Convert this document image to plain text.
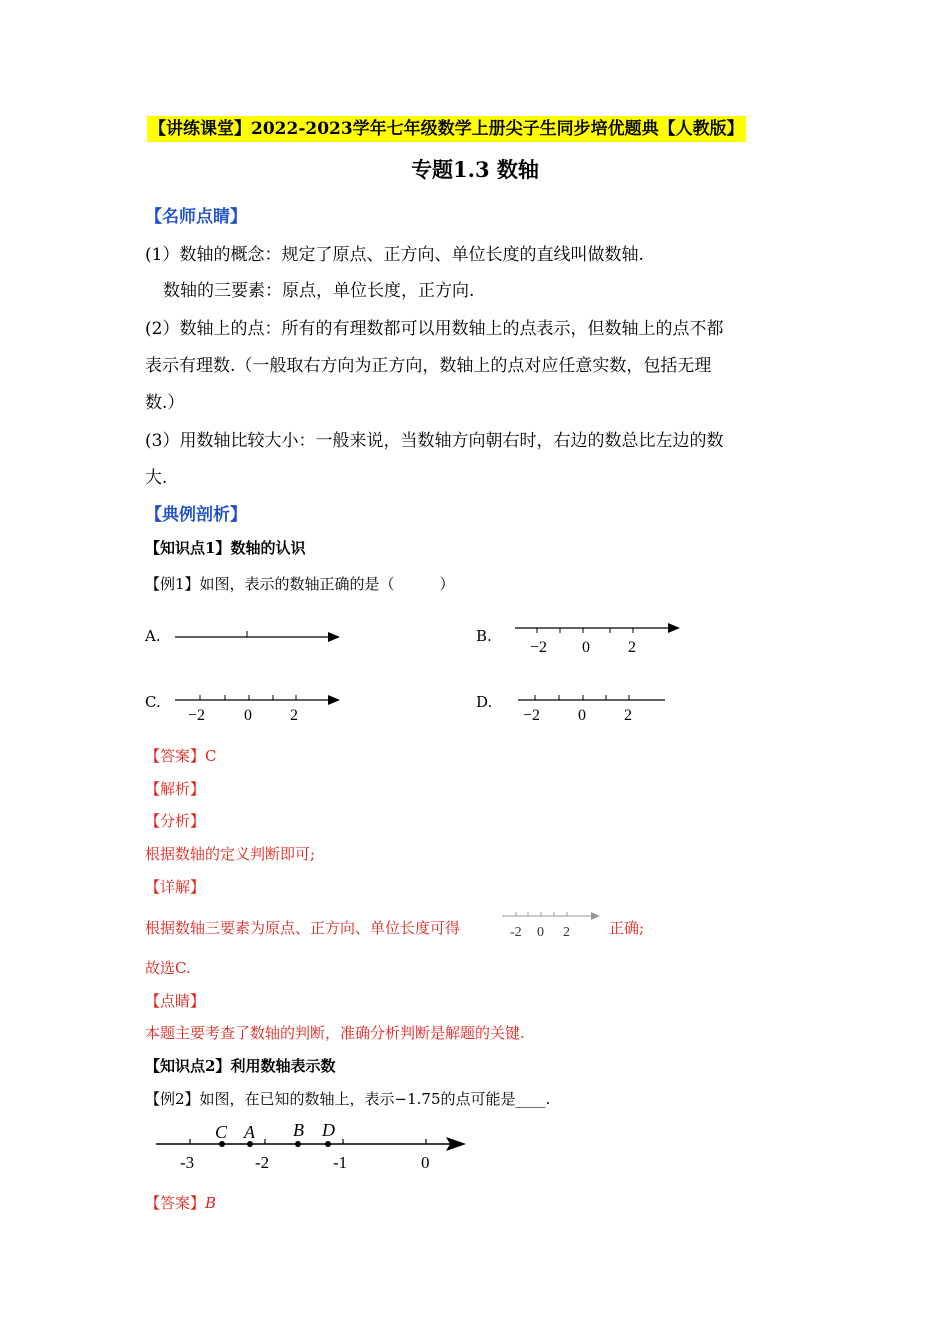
【讲练课堂】2022-2023学年七年级数学上册尖子生同步培优题典【人教版】
专题1.3 数轴
【名师点睛】
(1）数轴的概念：规定了原点、正方向、单位长度的直线叫做数轴.
数轴的三要素：原点，单位长度，正方向.
(2）数轴上的点：所有的有理数都可以用数轴上的点表示，但数轴上的点不都
表示有理数.（一般取右方向为正方向，数轴上的点对应任意实数，包括无理
数.）
(3）用数轴比较大小：一般来说，当数轴方向朝右时，右边的数总比左边的数
大.
【典例剖析】
【知识点1】数轴的认识
【例1】如图，表示的数轴正确的是（　　　）
A.	B.
C.	D.
−2 0 2
−2 0 2	−2 0 2
【答案】C
【解析】
【分析】
根据数轴的定义判断即可;
【详解】
根据数轴三要素为原点、正方向、单位长度可得	-2 0 2	正确;
故选C.
【点睛】
本题主要考查了数轴的判断，准确分析判断是解题的关键.
【知识点2】利用数轴表示数
【例2】如图，在已知的数轴上，表示−1.75的点可能是____.
C A B D
-3	-2	-1	0
【答案】B
